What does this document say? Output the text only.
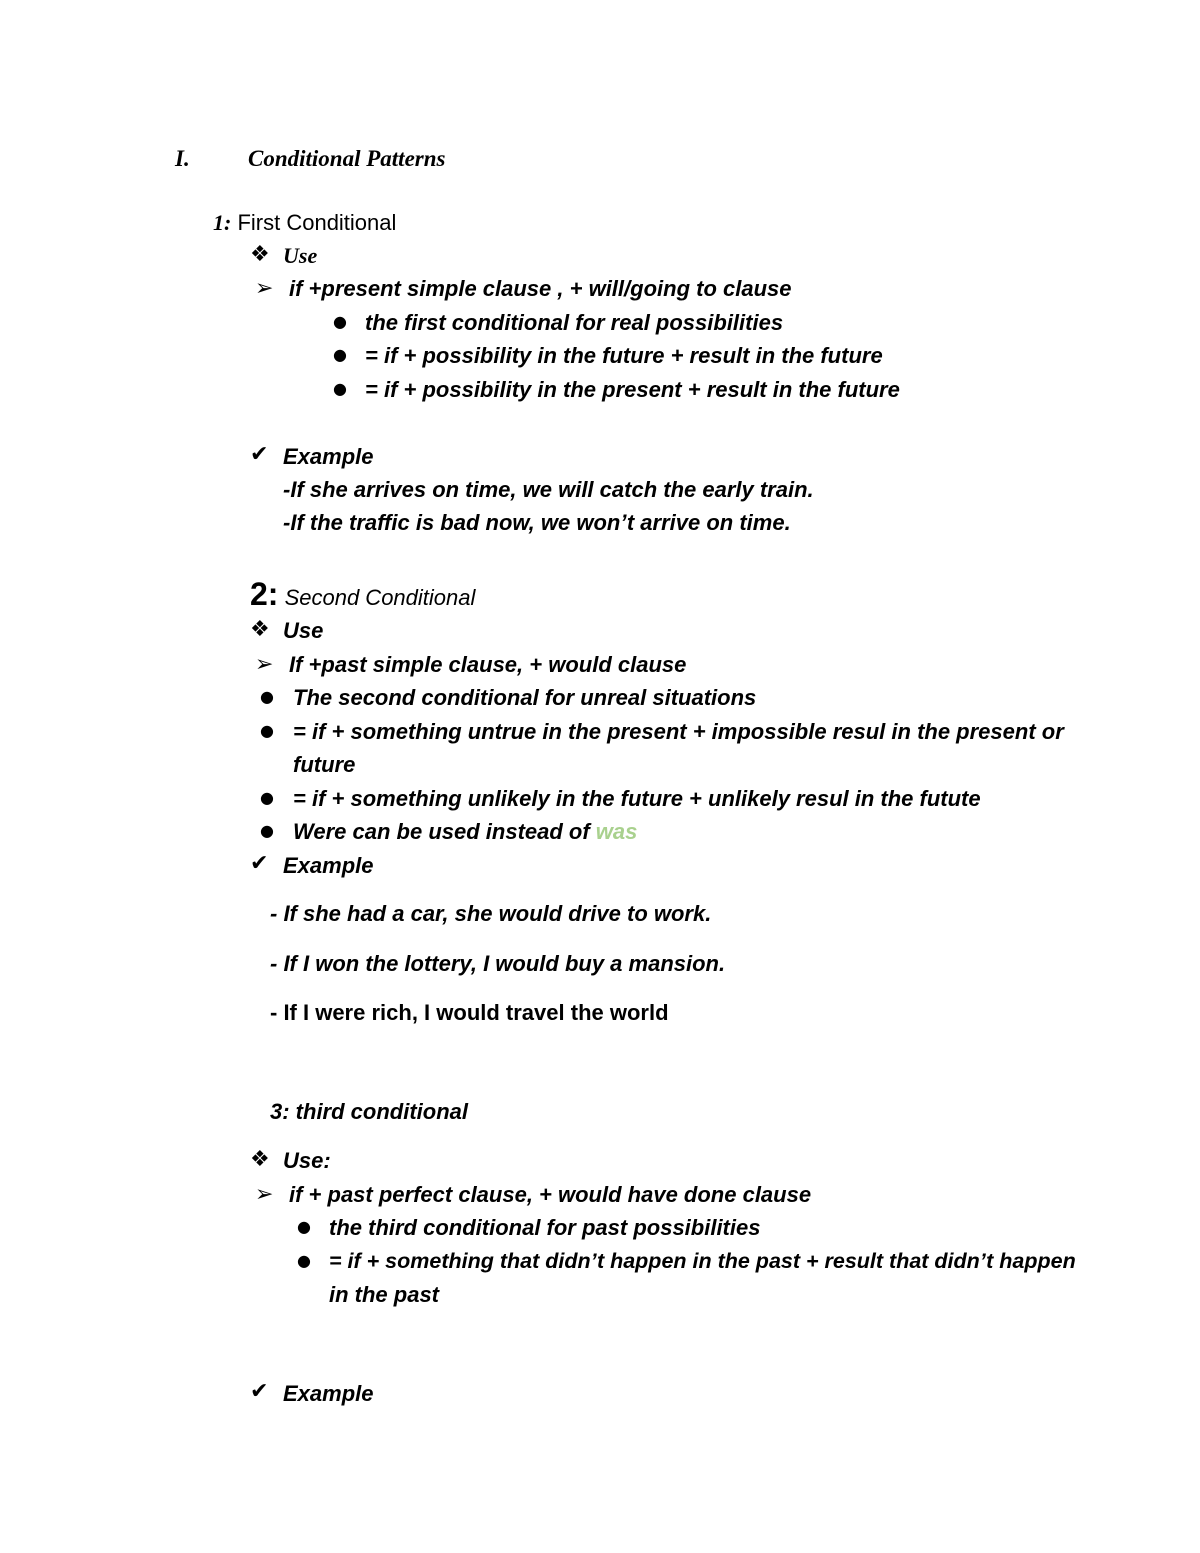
I.	Conditional Patterns
1: First Conditional
❖ Use
➢ if +present simple clause , + will/going to clause
● the first conditional for real possibilities
● = if + possibility in the future + result in the future
● = if + possibility in the present + result in the future
✔ Example
-If she arrives on time, we will catch the early train.
-If the traffic is bad now, we won’t arrive on time.
2: Second Conditional
❖ Use
➢ If +past simple clause, + would clause
● The second conditional for unreal situations
● = if + something untrue in the present + impossible resul in the present or
future
● = if + something unlikely in the future + unlikely resul in the futute
● Were can be used instead of was
✔ Example
- If she had a car, she would drive to work.
- If I won the lottery, I would buy a mansion.
- If I were rich, I would travel the world
3: third conditional
❖ Use:
➢ if + past perfect clause, + would have done clause
● the third conditional for past possibilities
● = if + something that didn’t happen in the past + result that didn’t happen
in the past
✔ Example
